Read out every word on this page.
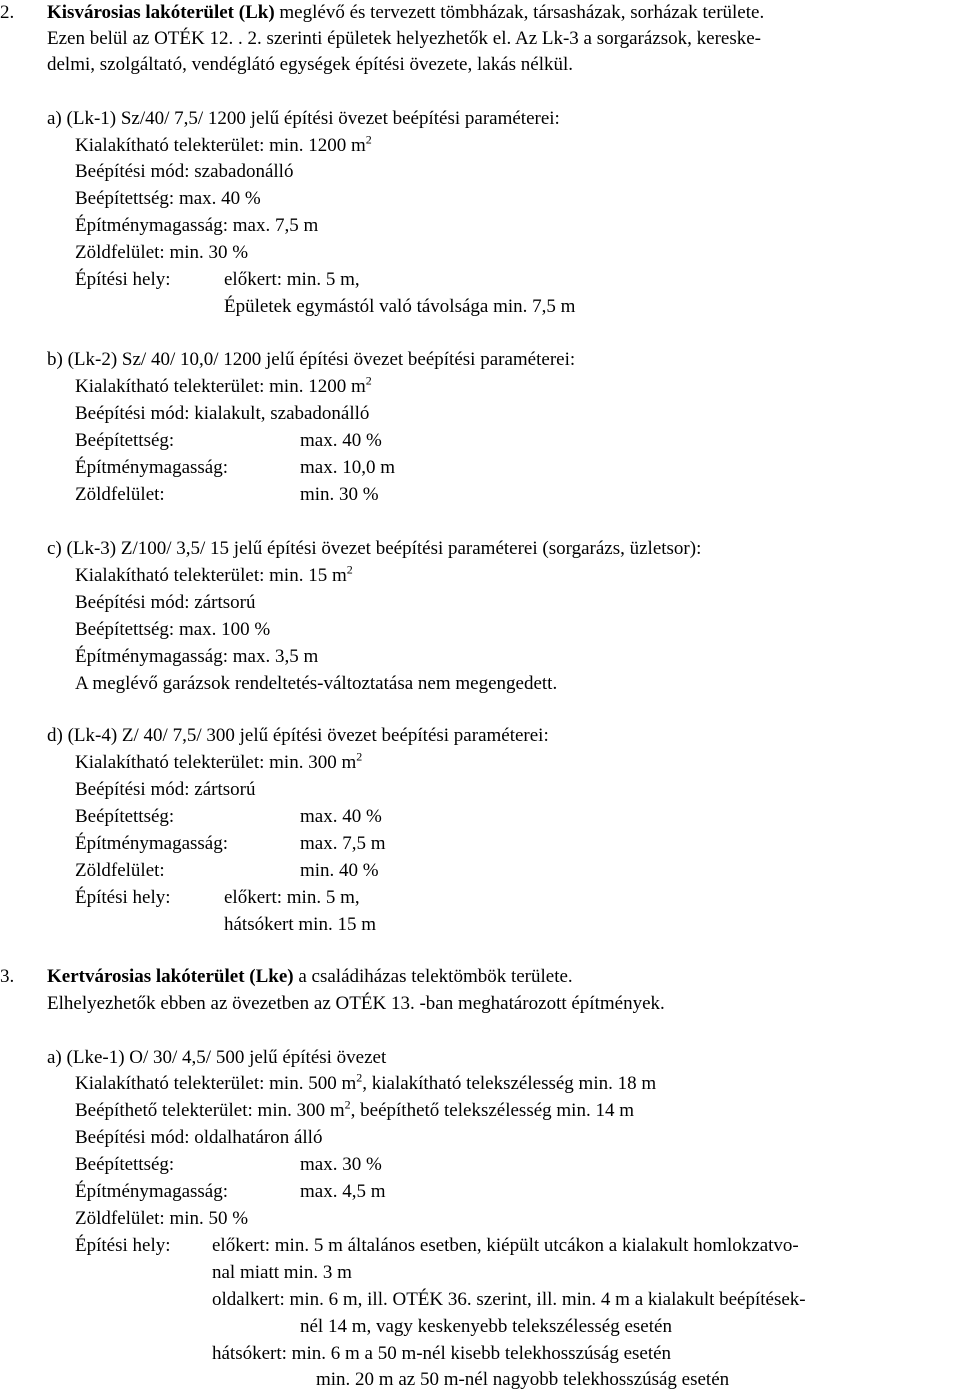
2. Kisvárosias lakóterület (Lk) meglévő és tervezett tömbházak, társasházak, sorházak területe.
Ezen belül az OTÉK 12. . 2. szerinti épületek helyezhetők el. Az Lk-3 a sorgarázsok, kereske-
delmi, szolgáltató, vendéglátó egységek építési övezete, lakás nélkül.
a) (Lk-1) Sz/40/ 7,5/ 1200 jelű építési övezet beépítési paraméterei:
Kialakítható telekterület: min. 1200 $m^2$
Beépítési mód: szabadonálló
Beépítettség: max. 40 %
Építménymagasság: max. 7,5 m
Zöldfelület: min. 30 %
Építési hely:	előkert: min. 5 m,
Épületek egymástól való távolsága min. 7,5 m
b) (Lk-2) Sz/ 40/ 10,0/ 1200 jelű építési övezet beépítési paraméterei:
Kialakítható telekterület: min. 1200 $m^2$
Beépítési mód: kialakult, szabadonálló
Beépítettség:	max. 40 %
Építménymagasság:	max. 10,0 m
Zöldfelület:	min. 30 %
c) (Lk-3) Z/100/ 3,5/ 15 jelű építési övezet beépítési paraméterei (sorgarázs, üzletsor):
Kialakítható telekterület: min. 15 $m^2$
Beépítési mód: zártsorú
Beépítettség: max. 100 %
Építménymagasság: max. 3,5 m
A meglévő garázsok rendeltetés-változtatása nem megengedett.
d) (Lk-4) Z/ 40/ 7,5/ 300 jelű építési övezet beépítési paraméterei:
Kialakítható telekterület: min. 300 $m^2$
Beépítési mód: zártsorú
Beépítettség:	max. 40 %
Építménymagasság:	max. 7,5 m
Zöldfelület:	min. 40 %
Építési hely:	előkert: min. 5 m,
hátsókert min. 15 m
3. Kertvárosias lakóterület (Lke) a családiházas telektömbök területe.
Elhelyezhetők ebben az övezetben az OTÉK 13. -ban meghatározott építmények.
a) (Lke-1) O/ 30/ 4,5/ 500 jelű építési övezet
Kialakítható telekterület: min. 500 $m^2$, kialakítható telekszélesség min. 18 m
Beépíthető telekterület: min. 300 $m^2$, beépíthető telekszélesség min. 14 m
Beépítési mód: oldalhatáron álló
Beépítettség:	max. 30 %
Építménymagasság:	max. 4,5 m
Zöldfelület: min. 50 %
Építési hely: előkert: min. 5 m általános esetben, kiépült utcákon a kialakult homlokzatvo-
nal miatt min. 3 m
oldalkert: min. 6 m, ill. OTÉK 36. szerint, ill. min. 4 m a kialakult beépítések-
nél 14 m, vagy keskenyebb telekszélesség esetén
hátsókert: min. 6 m a 50 m-nél kisebb telekhosszúság esetén
min. 20 m az 50 m-nél nagyobb telekhosszúság esetén
